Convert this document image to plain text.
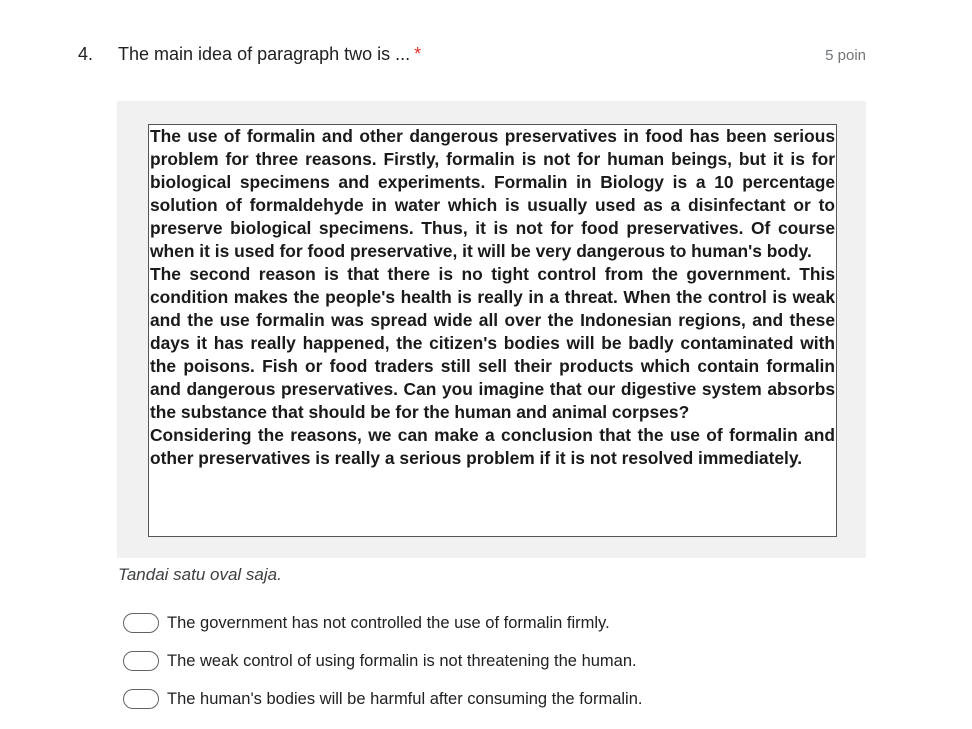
4. The main idea of paragraph two is ... *	5 poin

The use of formalin and other dangerous preservatives in food has been serious problem for three reasons. Firstly, formalin is not for human beings, but it is for biological specimens and experiments. Formalin in Biology is a 10 percentage solution of formaldehyde in water which is usually used as a disinfectant or to preserve biological specimens. Thus, it is not for food preservatives. Of course when it is used for food preservative, it will be very dangerous to human's body.

The second reason is that there is no tight control from the government. This condition makes the people's health is really in a threat. When the control is weak and the use formalin was spread wide all over the Indonesian regions, and these days it has really happened, the citizen's bodies will be badly contaminated with the poisons. Fish or food traders still sell their products which contain formalin and dangerous preservatives. Can you imagine that our digestive system absorbs the substance that should be for the human and animal corpses?

Considering the reasons, we can make a conclusion that the use of formalin and other preservatives is really a serious problem if it is not resolved immediately.

Tandai satu oval saja.
The government has not controlled the use of formalin firmly.
The weak control of using formalin is not threatening the human.
The human's bodies will be harmful after consuming the formalin.
